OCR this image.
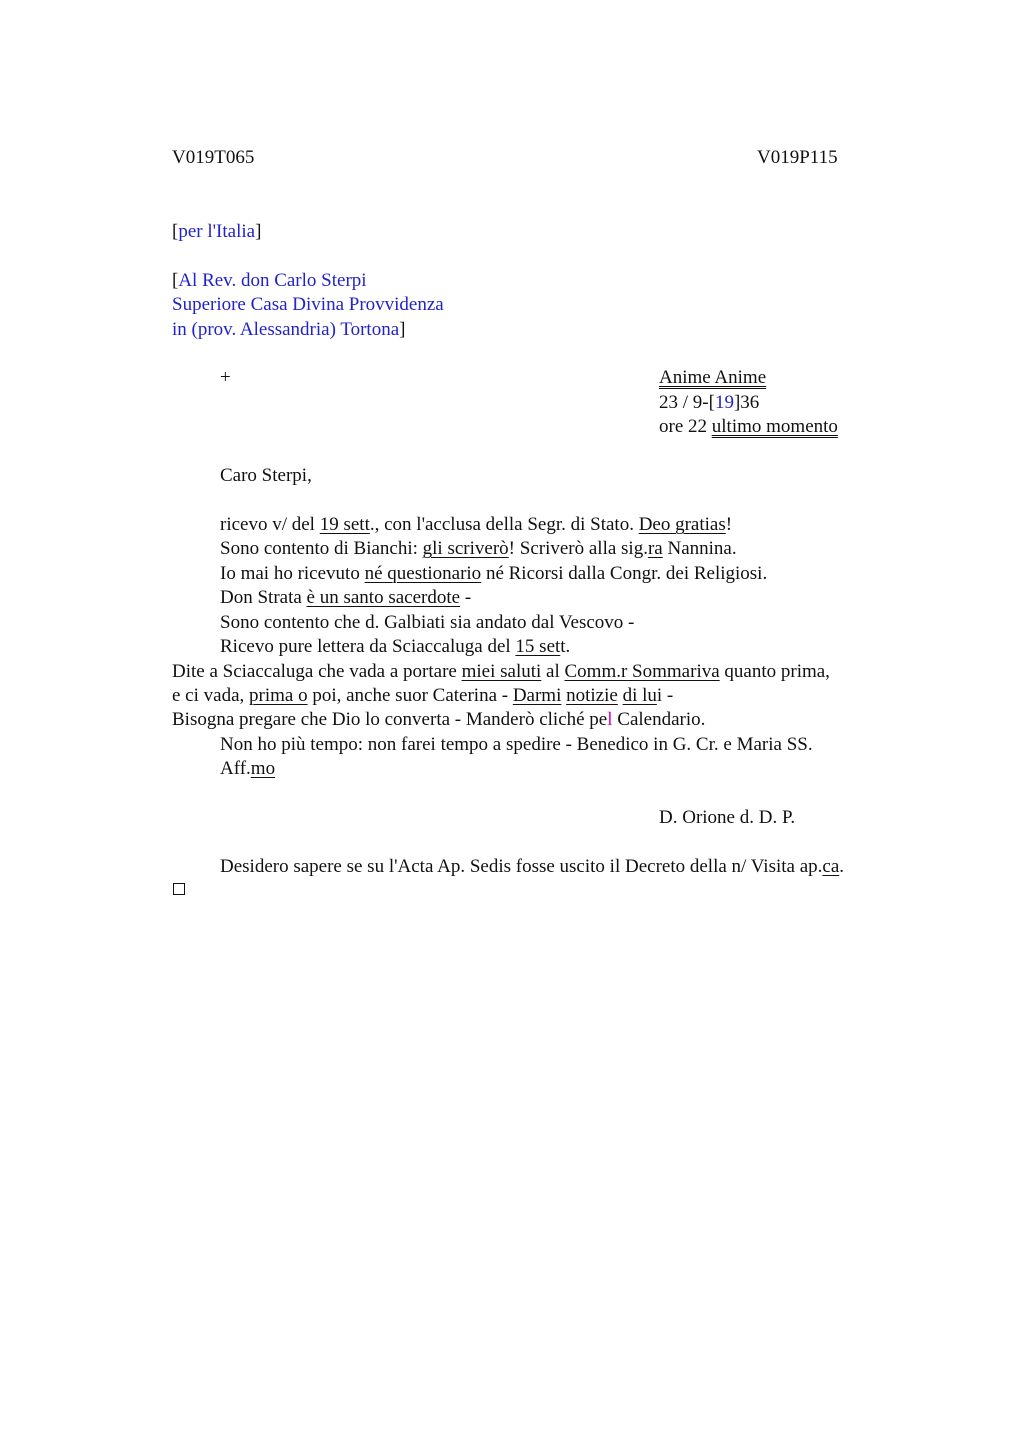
V019T065	V019P115
[per l'Italia]
[Al Rev. don Carlo Sterpi
Superiore Casa Divina Provvidenza
in (prov. Alessandria) Tortona]
+	Anime Anime
23 / 9-[19]36
ore 22 ultimo momento
Caro Sterpi,
ricevo v/ del 19 sett., con l'acclusa della Segr. di Stato. Deo gratias!
Sono contento di Bianchi: gli scriverò! Scriverò alla sig.ra Nannina.
Io mai ho ricevuto né questionario né Ricorsi dalla Congr. dei Religiosi.
Don Strata è un santo sacerdote -
Sono contento che d. Galbiati sia andato dal Vescovo -
Ricevo pure lettera da Sciaccaluga del 15 sett.
Dite a Sciaccaluga che vada a portare miei saluti al Comm.r Sommariva quanto prima,
e ci vada, prima o poi, anche suor Caterina - Darmi notizie di lui -
Bisogna pregare che Dio lo converta - Manderò cliché pel Calendario.
Non ho più tempo: non farei tempo a spedire - Benedico in G. Cr. e Maria SS.
Aff.mo
D. Orione d. D. P.
Desidero sapere se su l'Acta Ap. Sedis fosse uscito il Decreto della n/ Visita ap.ca.
